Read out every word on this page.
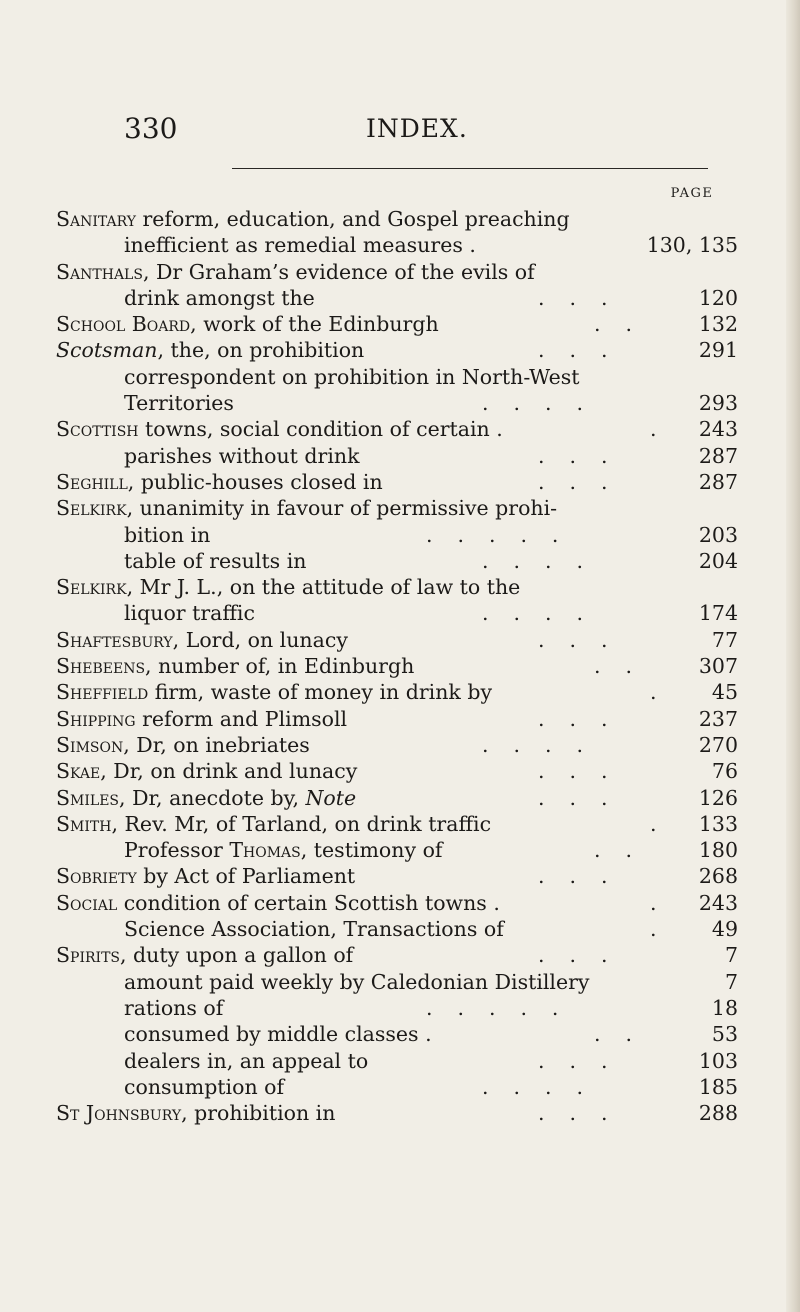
330	INDEX.
PAGE
Sanitary reform, education, and Gospel preaching
inefficient as remedial measures .	130, 135
Santhals, Dr Graham’s evidence of the evils of
drink amongst the	. . .	120
School Board, work of the Edinburgh	. .	132
Scotsman, the, on prohibition	. . .	291
correspondent on prohibition in North-West
Territories	. . . .	293
Scottish towns, social condition of certain .	.	243
parishes without drink	. . .	287
Seghill, public-houses closed in	. . .	287
Selkirk, unanimity in favour of permissive prohi-
bition in	. . . . .	203
table of results in	. . . .	204
Selkirk, Mr J. L., on the attitude of law to the
liquor traffic	. . . .	174
Shaftesbury, Lord, on lunacy	. . .	77
Shebeens, number of, in Edinburgh	. .	307
Sheffield firm, waste of money in drink by	.	45
Shipping reform and Plimsoll	. . .	237
Simson, Dr, on inebriates	. . . .	270
Skae, Dr, on drink and lunacy	. . .	76
Smiles, Dr, anecdote by, Note	. . .	126
Smith, Rev. Mr, of Tarland, on drink traffic	.	133
Professor Thomas, testimony of	. .	180
Sobriety by Act of Parliament	. . .	268
Social condition of certain Scottish towns .	.	243
Science Association, Transactions of	.	49
Spirits, duty upon a gallon of	. . .	7
amount paid weekly by Caledonian Distillery	7
rations of	. . . . .	18
consumed by middle classes .	. .	53
dealers in, an appeal to	. . .	103
consumption of	. . . .	185
St Johnsbury, prohibition in	. . .	288
